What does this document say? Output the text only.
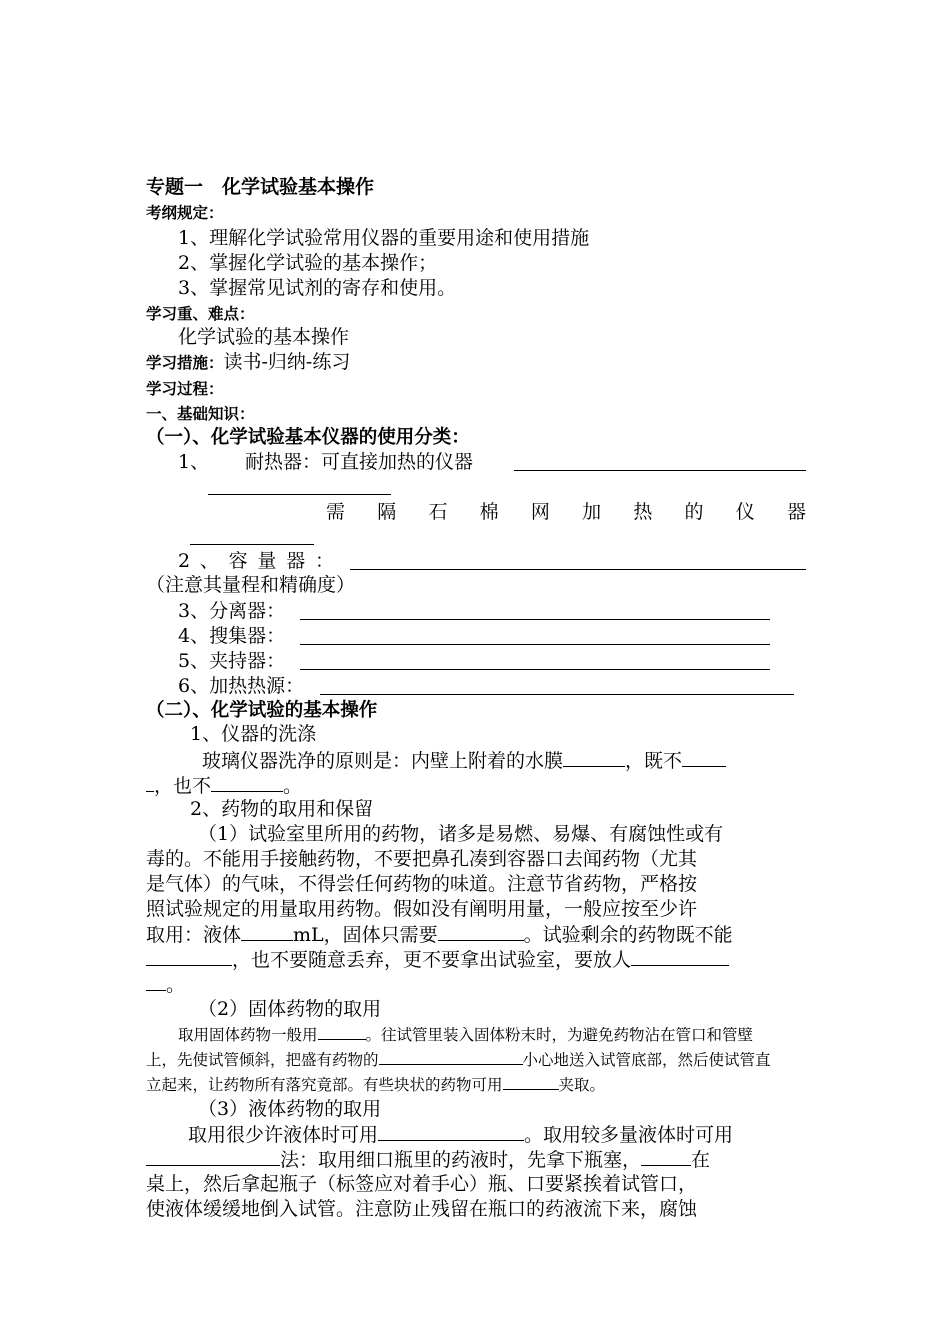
专题一　化学试验基本操作
考纲规定：
1、理解化学试验常用仪器的重要用途和使用措施
2、掌握化学试验的基本操作；
3、掌握常见试剂的寄存和使用。
学习重、难点：
化学试验的基本操作
学习措施：读书-归纳-练习
学习过程：
一、基础知识：
（一）、化学试验基本仪器的使用分类：
1、 耐热器：可直接加热的仪器
需 隔 石 棉 网 加 热 的 仪 器
2 、 容 量 器 ：
（注意其量程和精确度）
3、分离器：
4、搜集器：
5、夹持器：
6、加热热源：
（二）、化学试验的基本操作
1、仪器的洗涤
玻璃仪器洗净的原则是：内壁上附着的水膜	，既不
，也不	。
2、药物的取用和保留
（1）试验室里所用的药物，诸多是易燃、易爆、有腐蚀性或有
毒的。不能用手接触药物，不要把鼻孔凑到容器口去闻药物（尤其
是气体）的气味，不得尝任何药物的味道。注意节省药物，严格按
照试验规定的用量取用药物。假如没有阐明用量，一般应按至少许
取用：液体	mL，固体只需要	。试验剩余的药物既不能
，也不要随意丢弃，更不要拿出试验室，要放人
。
（2）固体药物的取用
取用固体药物一般用	。往试管里装入固体粉末时，为避免药物沾在管口和管壁
上，先使试管倾斜，把盛有药物的	小心地送入试管底部，然后使试管直
立起来，让药物所有落究竟部。有些块状的药物可用	夹取。
（3）液体药物的取用
取用很少许液体时可用	。取用较多量液体时可用
法：取用细口瓶里的药液时，先拿下瓶塞，	在
桌上，然后拿起瓶子（标签应对着手心）瓶、口要紧挨着试管口，
使液体缓缓地倒入试管。注意防止残留在瓶口的药液流下来，腐蚀
